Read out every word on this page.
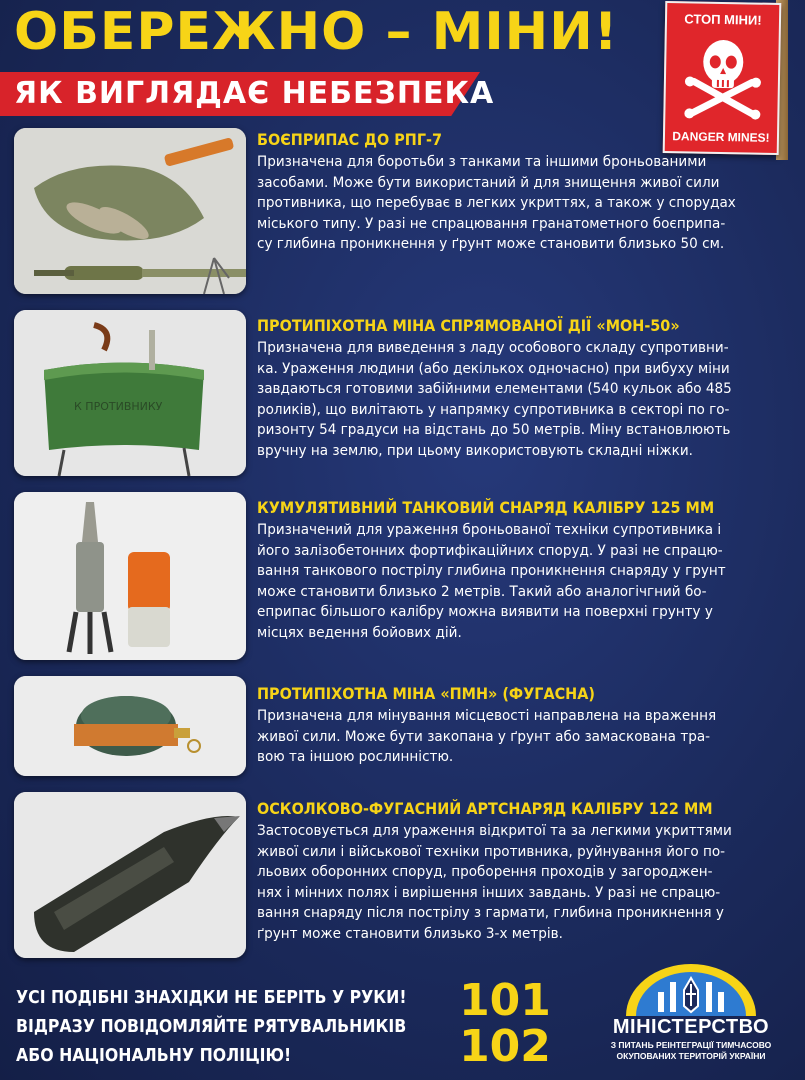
ОБЕРЕЖНО – МІНИ!
ЯК ВИГЛЯДАЄ НЕБЕЗПЕКА
СТОП МІНИ!
DANGER MINES!
БОЄПРИПАС ДО РПГ-7
Призначена для боротьби з танками та іншими броньованими
засобами. Може бути використаний й для знищення живої сили
противника, що перебуває в легких укриттях, а також у спорудах
міського типу. У разі не спрацювання гранатометного боєприпа-
су глибина проникнення у ґрунт може становити близько 50 см.
К ПРОТИВНИКУ
ПРОТИПІХОТНА МІНА СПРЯМОВАНОЇ ДІЇ «МОН-50»
Призначена для виведення з ладу особового складу супротивни-
ка. Ураження людини (або декількох одночасно) при вибуху міни
завдаються готовими забійними елементами (540 кульок або 485
роликів), що вилітають у напрямку супротивника в секторі по го-
ризонту 54 градуси на відстань до 50 метрів. Міну встановлюють
вручну на землю, при цьому використовують складні ніжки.
КУМУЛЯТИВНИЙ ТАНКОВИЙ СНАРЯД КАЛІБРУ 125 ММ
Призначений для ураження броньованої техніки супротивника і
його залізобетонних фортифікаційних споруд. У разі не спрацю-
вання танкового пострілу глибина проникнення снаряду у грунт
може становити близько 2 метрів. Такий або аналогічгний бо-
еприпас більшого калібру можна виявити на поверхні грунту у
місцях ведення бойових дій.
ПРОТИПІХОТНА МІНА «ПМН» (ФУГАСНА)
Призначена для мінування місцевості направлена на враження
живої сили. Може бути закопана у ґрунт або замаскована тра-
вою та іншою рослинністю.
ОСКОЛКОВО-ФУГАСНИЙ АРТСНАРЯД КАЛІБРУ 122 ММ
Застосовується для ураження відкритої та за легкими укриттями
живої сили і військової техніки противника, руйнування його по-
льових оборонних споруд, проборення проходів у загороджен-
нях і мінних полях і вирішення інших завдань. У разі не спрацю-
вання снаряду після пострілу з гармати, глибина проникнення у
ґрунт може становити близько 3-х метрів.
УСІ ПОДІБНІ ЗНАХІДКИ НЕ БЕРІТЬ У РУКИ!
ВІДРАЗУ ПОВІДОМЛЯЙТЕ РЯТУВАЛЬНИКІВ
АБО НАЦІОНАЛЬНУ ПОЛІЦІЮ!
101
102	МІНІСТЕРСТВО
З ПИТАНЬ РЕІНТЕГРАЦІЇ ТИМЧАСОВО
ОКУПОВАНИХ ТЕРИТОРІЙ УКРАЇНИ
